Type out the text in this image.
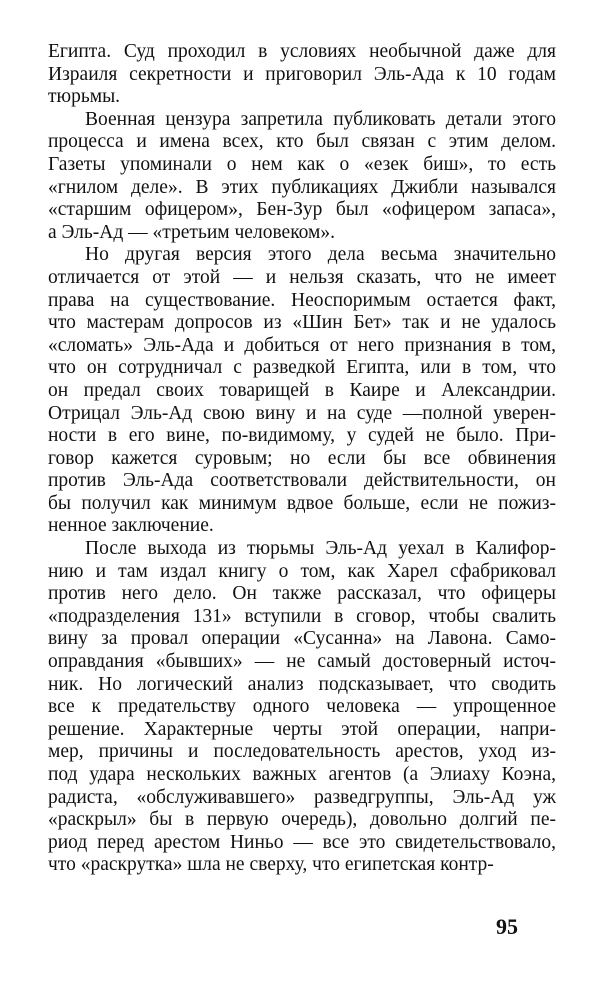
Египта. Суд проходил в условиях необычной даже для
Израиля секретности и приговорил Эль-Ада к 10 годам
тюрьмы.
Военная цензура запретила публиковать детали этого
процесса и имена всех, кто был связан с этим делом.
Газеты упоминали о нем как о «езек биш», то есть
«гнилом деле». В этих публикациях Джибли назывался
«старшим офицером», Бен-Зур был «офицером запаса»,
а Эль-Ад — «третьим человеком».
Но другая версия этого дела весьма значительно
отличается от этой — и нельзя сказать, что не имеет
права на существование. Неоспоримым остается факт,
что мастерам допросов из «Шин Бет» так и не удалось
«сломать» Эль-Ада и добиться от него признания в том,
что он сотрудничал с разведкой Египта, или в том, что
он предал своих товарищей в Каире и Александрии.
Отрицал Эль-Ад свою вину и на суде —полной уверен-
ности в его вине, по-видимому, у судей не было. При-
говор кажется суровым; но если бы все обвинения
против Эль-Ада соответствовали действительности, он
бы получил как минимум вдвое больше, если не пожиз-
ненное заключение.
После выхода из тюрьмы Эль-Ад уехал в Калифор-
нию и там издал книгу о том, как Харел сфабриковал
против него дело. Он также рассказал, что офицеры
«подразделения 131» вступили в сговор, чтобы свалить
вину за провал операции «Сусанна» на Лавона. Само-
оправдания «бывших» — не самый достоверный источ-
ник. Но логический анализ подсказывает, что сводить
все к предательству одного человека — упрощенное
решение. Характерные черты этой операции, напри-
мер, причины и последовательность арестов, уход из-
под удара нескольких важных агентов (а Элиаху Коэна,
радиста, «обслуживавшего» разведгруппы, Эль-Ад уж
«раскрыл» бы в первую очередь), довольно долгий пе-
риод перед арестом Ниньо — все это свидетельствовало,
что «раскрутка» шла не сверху, что египетская контр-
95
